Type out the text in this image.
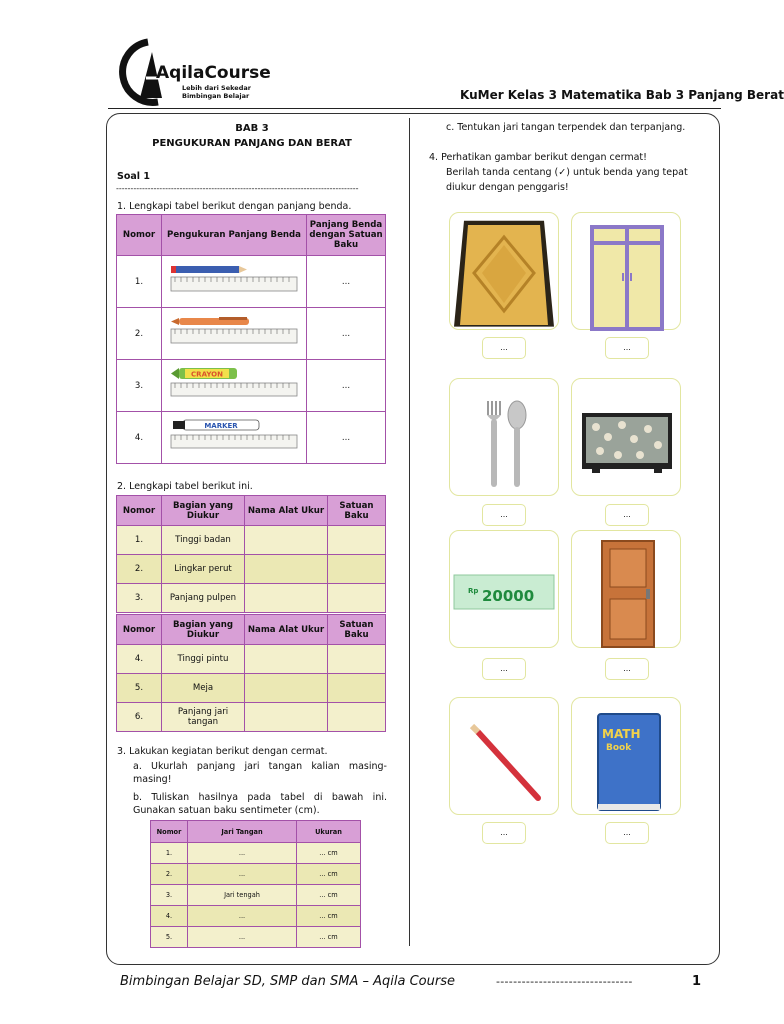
AqilaCourse
Lebih dari Sekedar
Bimbingan Belajar	KuMer Kelas 3 Matematika Bab 3 Panjang Berat
BAB 3
PENGUKURAN PANJANG DAN BERAT
Soal 1
------------------------------------------------------------------------------------
1. Lengkapi tabel berikut dengan panjang benda.
Nomor	Pengukuran Panjang Benda	Panjang Benda dengan Satuan Baku
1.		...
2.		...
3.	CRAYON	...
4.	MARKER	...
2. Lengkapi tabel berikut ini.
Nomor	Bagian yang Diukur	Nama Alat Ukur	Satuan Baku
1.	Tinggi badan		
2.	Lingkar perut		
3.	Panjang pulpen		
Nomor	Bagian yang Diukur	Nama Alat Ukur	Satuan Baku
4.	Tinggi pintu		
5.	Meja		
6.	Panjang jari tangan		
3. Lakukan kegiatan berikut dengan cermat.
a. Ukurlah panjang jari tangan kalian masing-masing!
b. Tuliskan hasilnya pada tabel di bawah ini. Gunakan satuan baku sentimeter (cm).
Nomor	Jari Tangan	Ukuran
1.	...	... cm
2.	...	... cm
3.	Jari tengah	... cm
4.	...	... cm
5.	...	... cm
c. Tentukan jari tangan terpendek dan terpanjang.
4. Perhatikan gambar berikut dengan cermat!
Berilah tanda centang (✓) untuk benda yang tepat
diukur dengan penggaris!
...	...
...	...
Rp 20000
...	...
...
MATH
Book
...
Bimbingan Belajar SD, SMP dan SMA – Aqila Course	--------------------------------	1
